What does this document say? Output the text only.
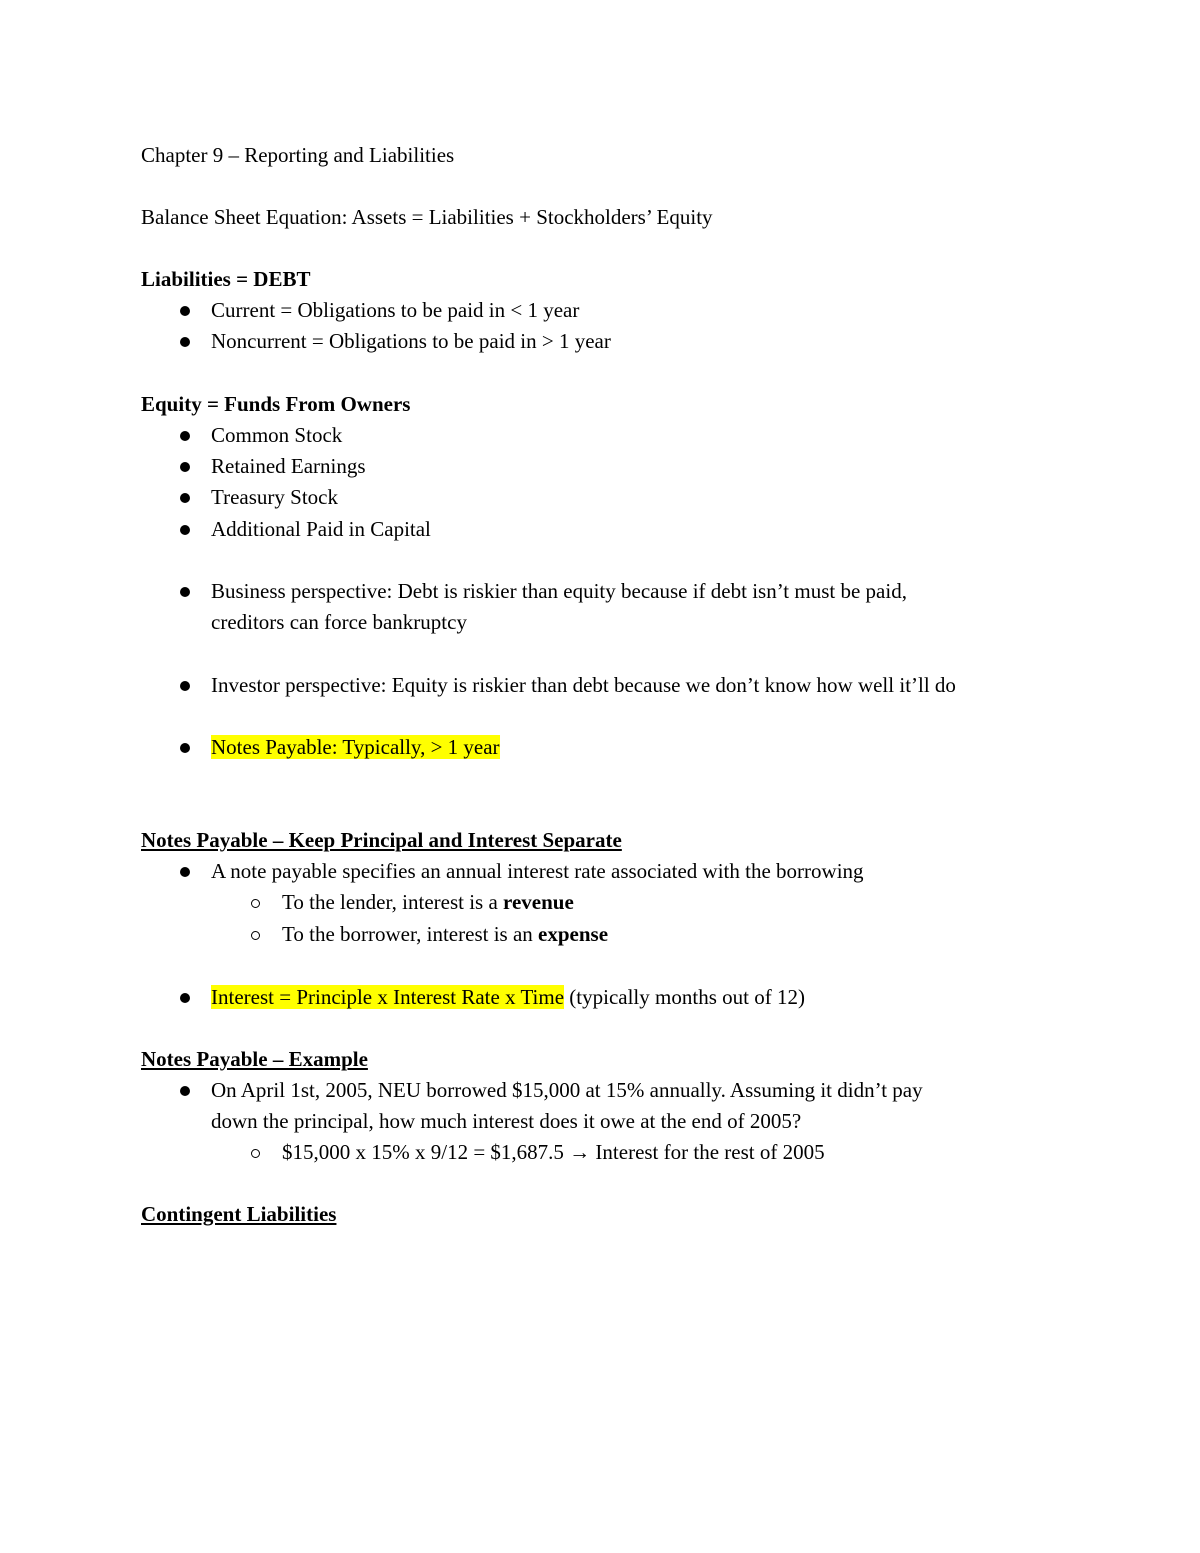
Chapter 9 – Reporting and Liabilities
Balance Sheet Equation: Assets = Liabilities + Stockholders’ Equity
Liabilities = DEBT
Current = Obligations to be paid in < 1 year
Noncurrent = Obligations to be paid in > 1 year
Equity = Funds From Owners
Common Stock
Retained Earnings
Treasury Stock
Additional Paid in Capital
Business perspective: Debt is riskier than equity because if debt isn’t must be paid,
creditors can force bankruptcy
Investor perspective: Equity is riskier than debt because we don’t know how well it’ll do
Notes Payable: Typically, > 1 year
Notes Payable – Keep Principal and Interest Separate
A note payable specifies an annual interest rate associated with the borrowing
To the lender, interest is a revenue
To the borrower, interest is an expense
Interest = Principle x Interest Rate x Time (typically months out of 12)
Notes Payable – Example
On April 1st, 2005, NEU borrowed $15,000 at 15% annually. Assuming it didn’t pay
down the principal, how much interest does it owe at the end of 2005?
$15,000 x 15% x 9/12 = $1,687.5 → Interest for the rest of 2005
Contingent Liabilities
